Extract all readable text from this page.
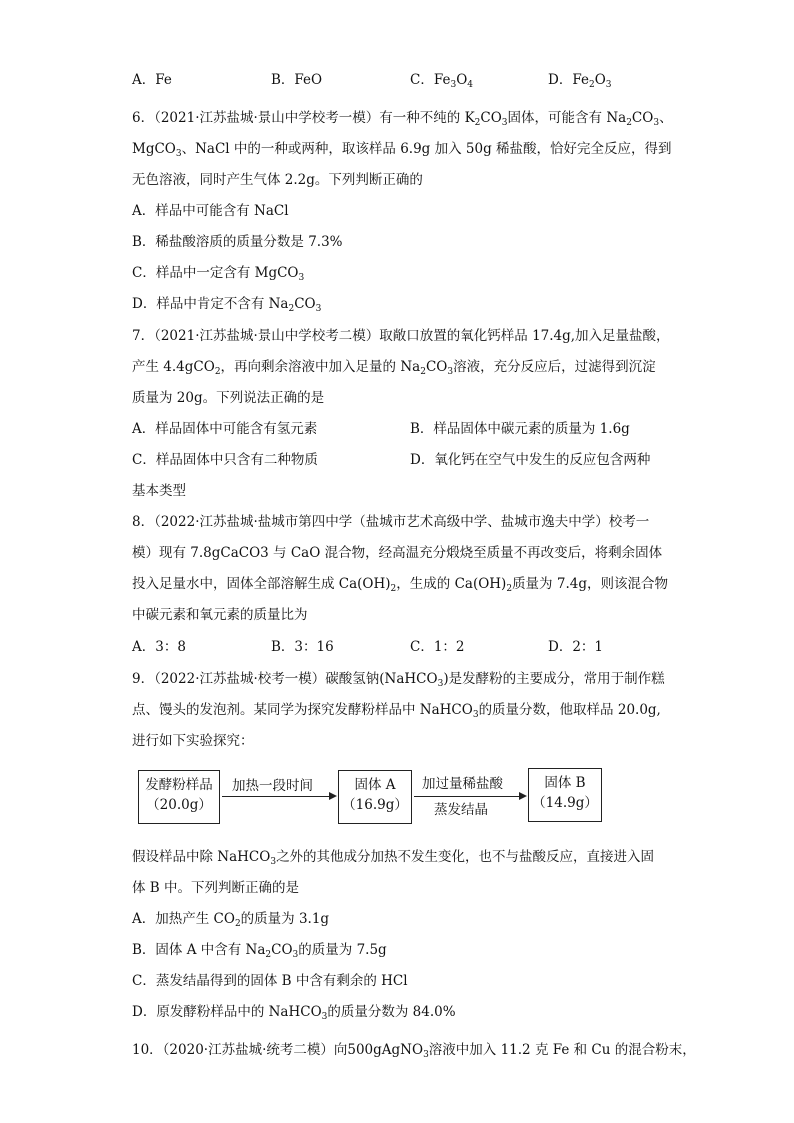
A．Fe	B．FeO	C．$Fe_3O_4$	D．$Fe_2O_3$
6．（2021·江苏盐城·景山中学校考一模）有一种不纯的 $K_2CO_3$固体，可能含有 $Na_2CO_3$、
MgCO$_3$、NaCl 中的一种或两种，取该样品 6.9g 加入 50g 稀盐酸，恰好完全反应，得到
无色溶液，同时产生气体 2.2g。下列判断正确的
A．样品中可能含有 NaCl
B．稀盐酸溶质的质量分数是 7.3%
C．样品中一定含有 MgCO$_3$
D．样品中肯定不含有 $Na_2CO_3$
7．（2021·江苏盐城·景山中学校考二模）取敞口放置的氧化钙样品 17.4g,加入足量盐酸，
产生 4.4gCO$_2$，再向剩余溶液中加入足量的 $Na_2CO_3$溶液，充分反应后，过滤得到沉淀
质量为 20g。下列说法正确的是
A．样品固体中可能含有氢元素	B．样品固体中碳元素的质量为 1.6g
C．样品固体中只含有二种物质	D．氧化钙在空气中发生的反应包含两种
基本类型
8．（2022·江苏盐城·盐城市第四中学（盐城市艺术高级中学、盐城市逸夫中学）校考一
模）现有 7.8gCaCO3 与 CaO 混合物，经高温充分煅烧至质量不再改变后，将剩余固体
投入足量水中，固体全部溶解生成 $Ca(OH)_2$，生成的 $Ca(OH)_2$质量为 7.4g，则该混合物
中碳元素和氧元素的质量比为
A．3：8	B．3：16	C．1：2	D．2：1
9．（2022·江苏盐城·校考一模）碳酸氢钠(NaHCO$_3$)是发酵粉的主要成分，常用于制作糕
点、馒头的发泡剂。某同学为探究发酵粉样品中 NaHCO$_3$的质量分数，他取样品 20.0g,
进行如下实验探究：
发酵粉样品
（20.0g）
加热一段时间	固体 A
（16.9g）
加过量稀盐酸
蒸发结晶
固体 B
（14.9g）
假设样品中除 NaHCO$_3$之外的其他成分加热不发生变化，也不与盐酸反应，直接进入固
体 B 中。下列判断正确的是
A．加热产生 $CO_2$的质量为 3.1g
B．固体 A 中含有 $Na_2CO_3$的质量为 7.5g
C．蒸发结晶得到的固体 B 中含有剩余的 HCl
D．原发酵粉样品中的 NaHCO$_3$的质量分数为 84.0%
10．（2020·江苏盐城·统考二模）向500gAgNO$_3$溶液中加入 11.2 克 Fe 和 Cu 的混合粉末，
